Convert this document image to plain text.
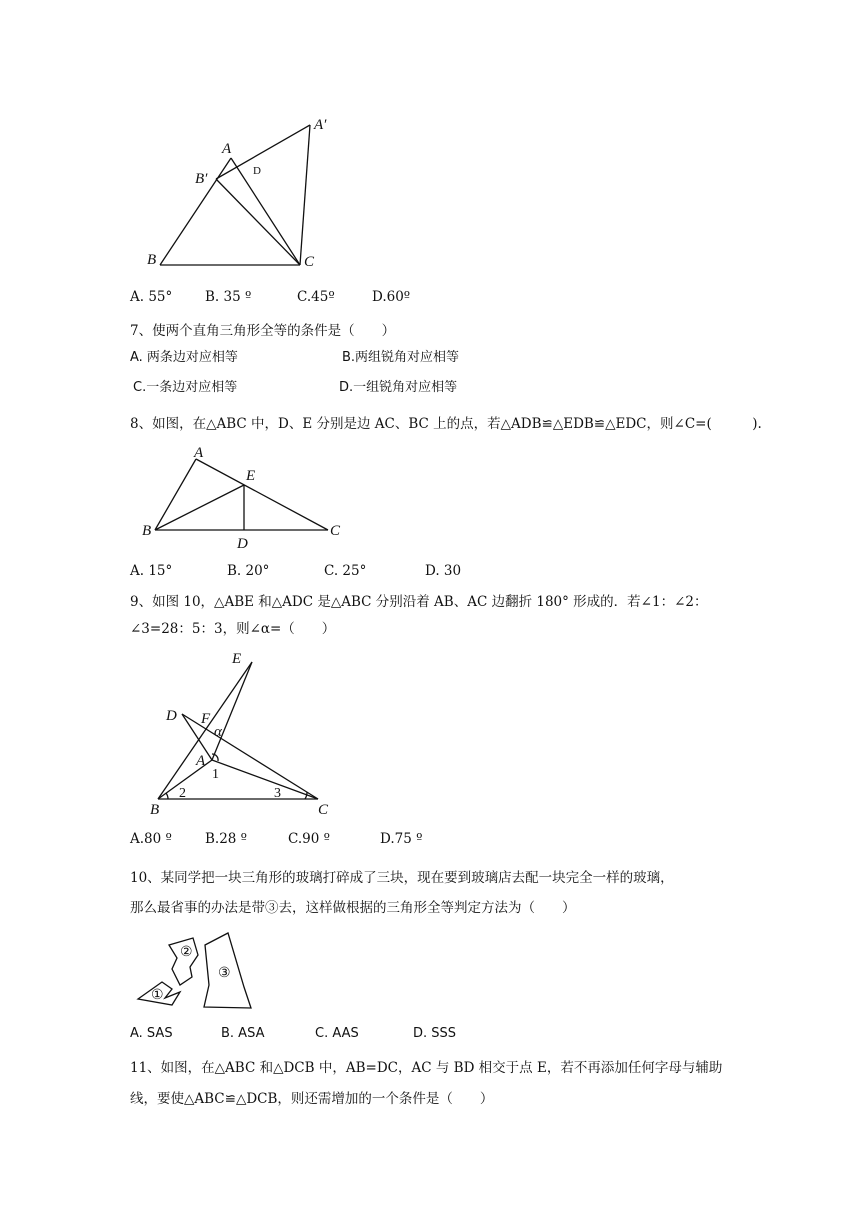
A
A′
B′	D
B	C
A. 55° B. 35 º	C.45º	D.60º
7、使两个直角三角形全等的条件是（　　）
A. 两条边对应相等	B.两组锐角对应相等
C.一条边对应相等	D.一组锐角对应相等
8、如图，在△ABC 中，D、E 分别是边 AC、BC 上的点，若△ADB≌△EDB≌△EDC，则∠C=(　　　).
A
E
B	C
D
A. 15°	B. 20°	C. 25°	D. 30
9、如图 10，△ABE 和△ADC 是△ABC 分别沿着 AB、AC 边翻折 180° 形成的．若∠1：∠2：
∠3=28：5：3，则∠α=（　　）
E
D F
α
A
1
2	3
B	C
A.80 º B.28 º	C.90 º	D.75 º
10、某同学把一块三角形的玻璃打碎成了三块，现在要到玻璃店去配一块完全一样的玻璃，
那么最省事的办法是带③去，这样做根据的三角形全等判定方法为（　　）
①
②
③
A. SAS	B. ASA	C. AAS	D. SSS
11、如图，在△ABC 和△DCB 中，AB=DC，AC 与 BD 相交于点 E，若不再添加任何字母与辅助
线，要使△ABC≌△DCB，则还需增加的一个条件是（　　）
